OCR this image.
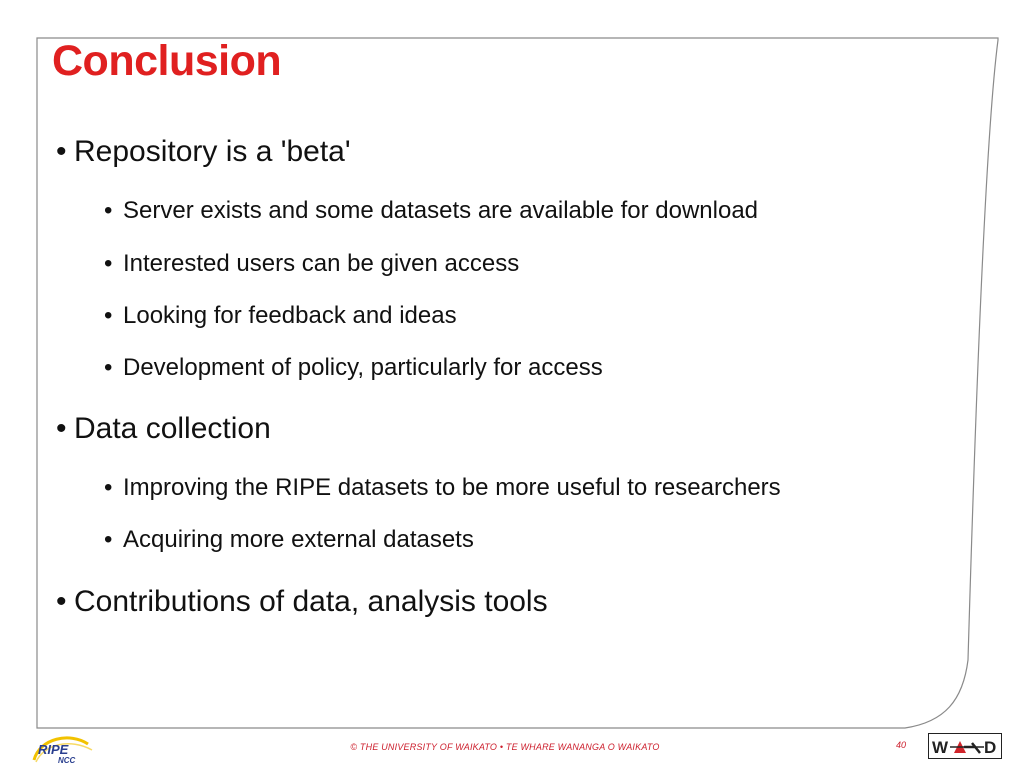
Conclusion
• Repository is a 'beta'
• Server exists and some datasets are available for download
• Interested users can be given access
• Looking for feedback and ideas
• Development of policy, particularly for access
• Data collection
• Improving the RIPE datasets to be more useful to researchers
• Acquiring more external datasets
• Contributions of data, analysis tools
RIPE
NCC
© THE UNIVERSITY OF WAIKATO • TE WHARE WANANGA O WAIKATO	40 W D
